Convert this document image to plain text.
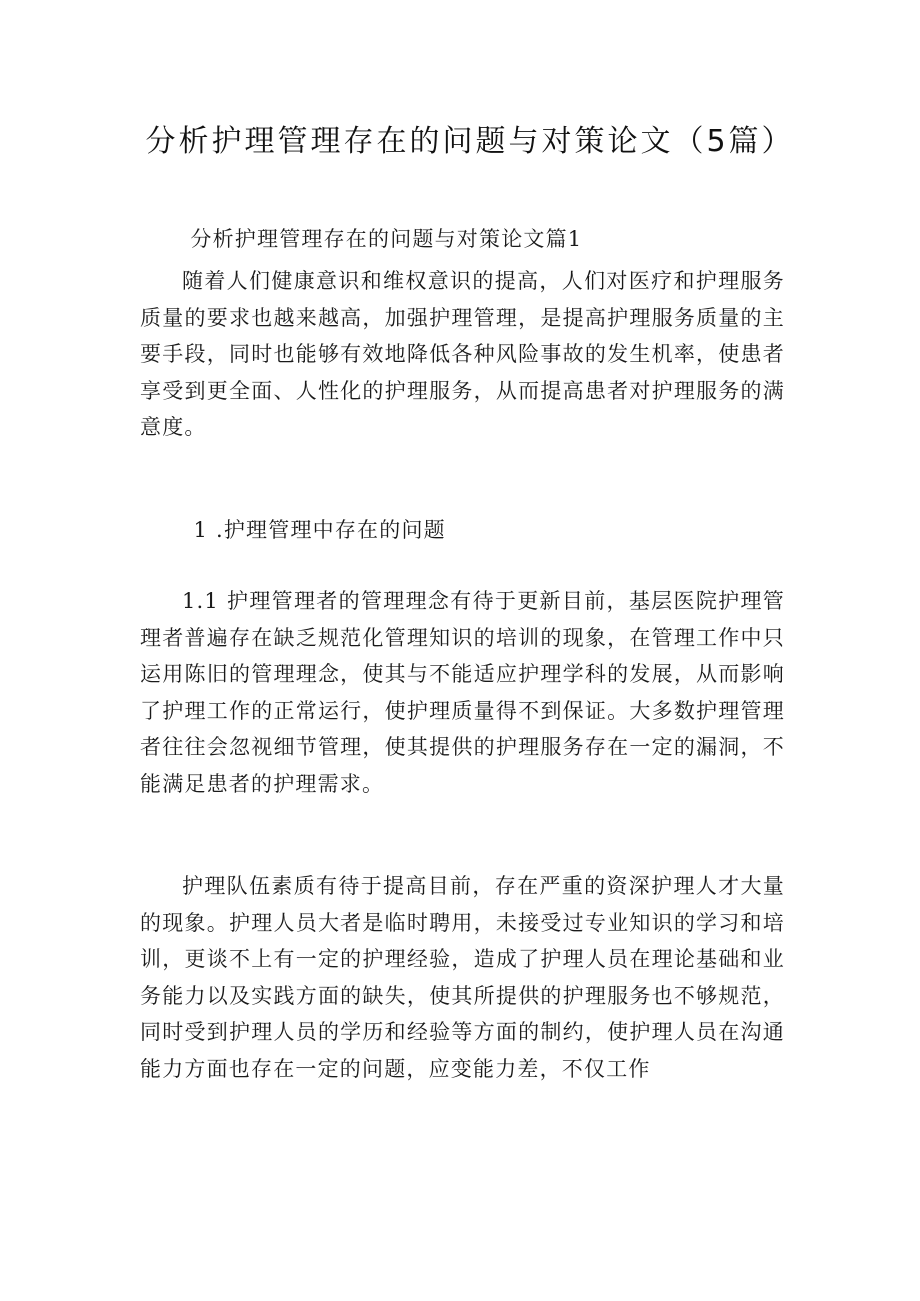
分析护理管理存在的问题与对策论文（5篇）

分析护理管理存在的问题与对策论文篇1

随着人们健康意识和维权意识的提高，人们对医疗和护理服务质量的要求也越来越高，加强护理管理，是提高护理服务质量的主要手段，同时也能够有效地降低各种风险事故的发生机率，使患者享受到更全面、人性化的护理服务，从而提高患者对护理服务的满意度。

1 .护理管理中存在的问题

1.1 护理管理者的管理理念有待于更新目前，基层医院护理管理者普遍存在缺乏规范化管理知识的培训的现象，在管理工作中只运用陈旧的管理理念，使其与不能适应护理学科的发展，从而影响了护理工作的正常运行，使护理质量得不到保证。大多数护理管理者往往会忽视细节管理，使其提供的护理服务存在一定的漏洞，不能满足患者的护理需求。

护理队伍素质有待于提高目前，存在严重的资深护理人才大量的现象。护理人员大者是临时聘用，未接受过专业知识的学习和培训，更谈不上有一定的护理经验，造成了护理人员在理论基础和业务能力以及实践方面的缺失，使其所提供的护理服务也不够规范，同时受到护理人员的学历和经验等方面的制约，使护理人员在沟通能力方面也存在一定的问题，应变能力差，不仅工作
